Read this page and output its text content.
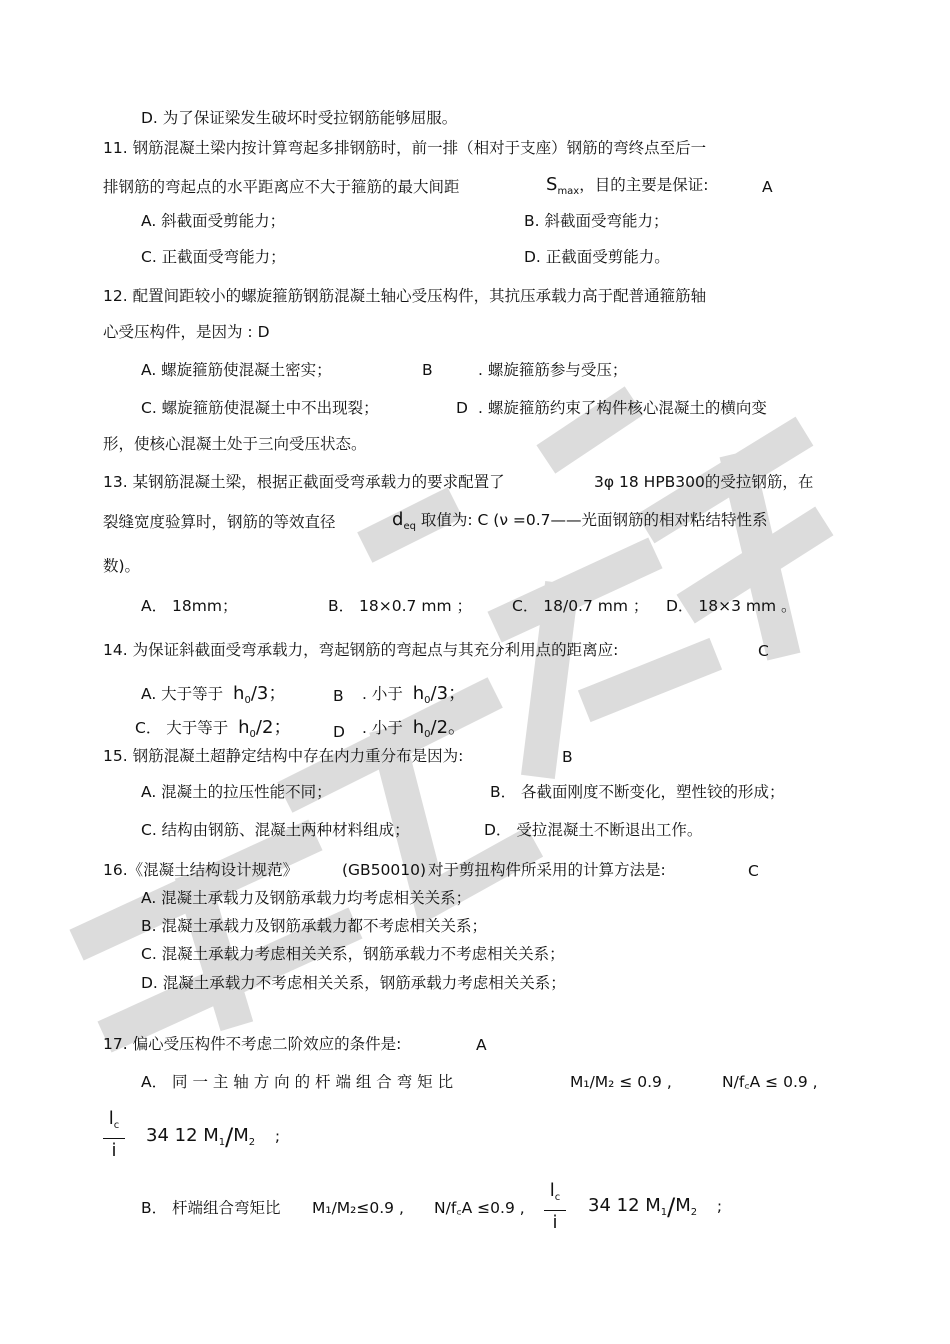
D. 为了保证梁发生破坏时受拉钢筋能够屈服。
11. 钢筋混凝土梁内按计算弯起多排钢筋时，前一排（相对于支座）钢筋的弯终点至后一
排钢筋的弯起点的水平距离应不大于箍筋的最大间距	$S_{max}$，目的主要是保证:	A
A. 斜截面受剪能力；	B. 斜截面受弯能力；
C. 正截面受弯能力；	D. 正截面受剪能力。
12. 配置间距较小的螺旋箍筋钢筋混凝土轴心受压构件，其抗压承载力高于配普通箍筋轴
心受压构件，是因为 : D
A. 螺旋箍筋使混凝土密实；	B	. 螺旋箍筋参与受压；
C. 螺旋箍筋使混凝土中不出现裂；	D . 螺旋箍筋约束了构件核心混凝土的横向变
形，使核心混凝土处于三向受压状态。
13. 某钢筋混凝土梁，根据正截面受弯承载力的要求配置了	3φ 18 HPB300的受拉钢筋，在
裂缝宽度验算时，钢筋的等效直径	$d_{eq}$ 取值为: C (ν =0.7——光面钢筋的相对粘结特性系
数)。
A． 18mm；	B． 18×0.7 mm ；	C． 18/0.7 mm ； D． 18×3 mm 。
14. 为保证斜截面受弯承载力，弯起钢筋的弯起点与其充分利用点的距离应:	C
A. 大于等于 $h_0/3$；	B . 小于 $h_0/3$；
C． 大于等于 $h_0/2$；	D . 小于 $h_0/2$。
15. 钢筋混凝土超静定结构中存在内力重分布是因为:	B
A. 混凝土的拉压性能不同；	B． 各截面刚度不断变化，塑性铰的形成；
C. 结构由钢筋、混凝土两种材料组成；	D． 受拉混凝土不断退出工作。
16.《混凝土结构设计规范》	(GB50010) 对于剪扭构件所采用的计算方法是:	C
A. 混凝土承载力及钢筋承载力均考虑相关关系；
B. 混凝土承载力及钢筋承载力都不考虑相关关系；
C. 混凝土承载力考虑相关关系，钢筋承载力不考虑相关关系；
D. 混凝土承载力不考虑相关关系，钢筋承载力考虑相关关系；
17. 偏心受压构件不考虑二阶效应的条件是:	A
A． 同 一 主 轴 方 向 的 杆 端 组 合 弯 矩 比	M₁/M₂ ≤ 0.9 ,	N/f꜀A ≤ 0.9 ,
$l_c$
i
34 12 $M_1/M_2$ ;
B． 杆端组合弯矩比 M₁/M₂≤0.9 , N/f꜀A ≤0.9 ,
$l_c$
i
34 12 $M_1/M_2$ ;
